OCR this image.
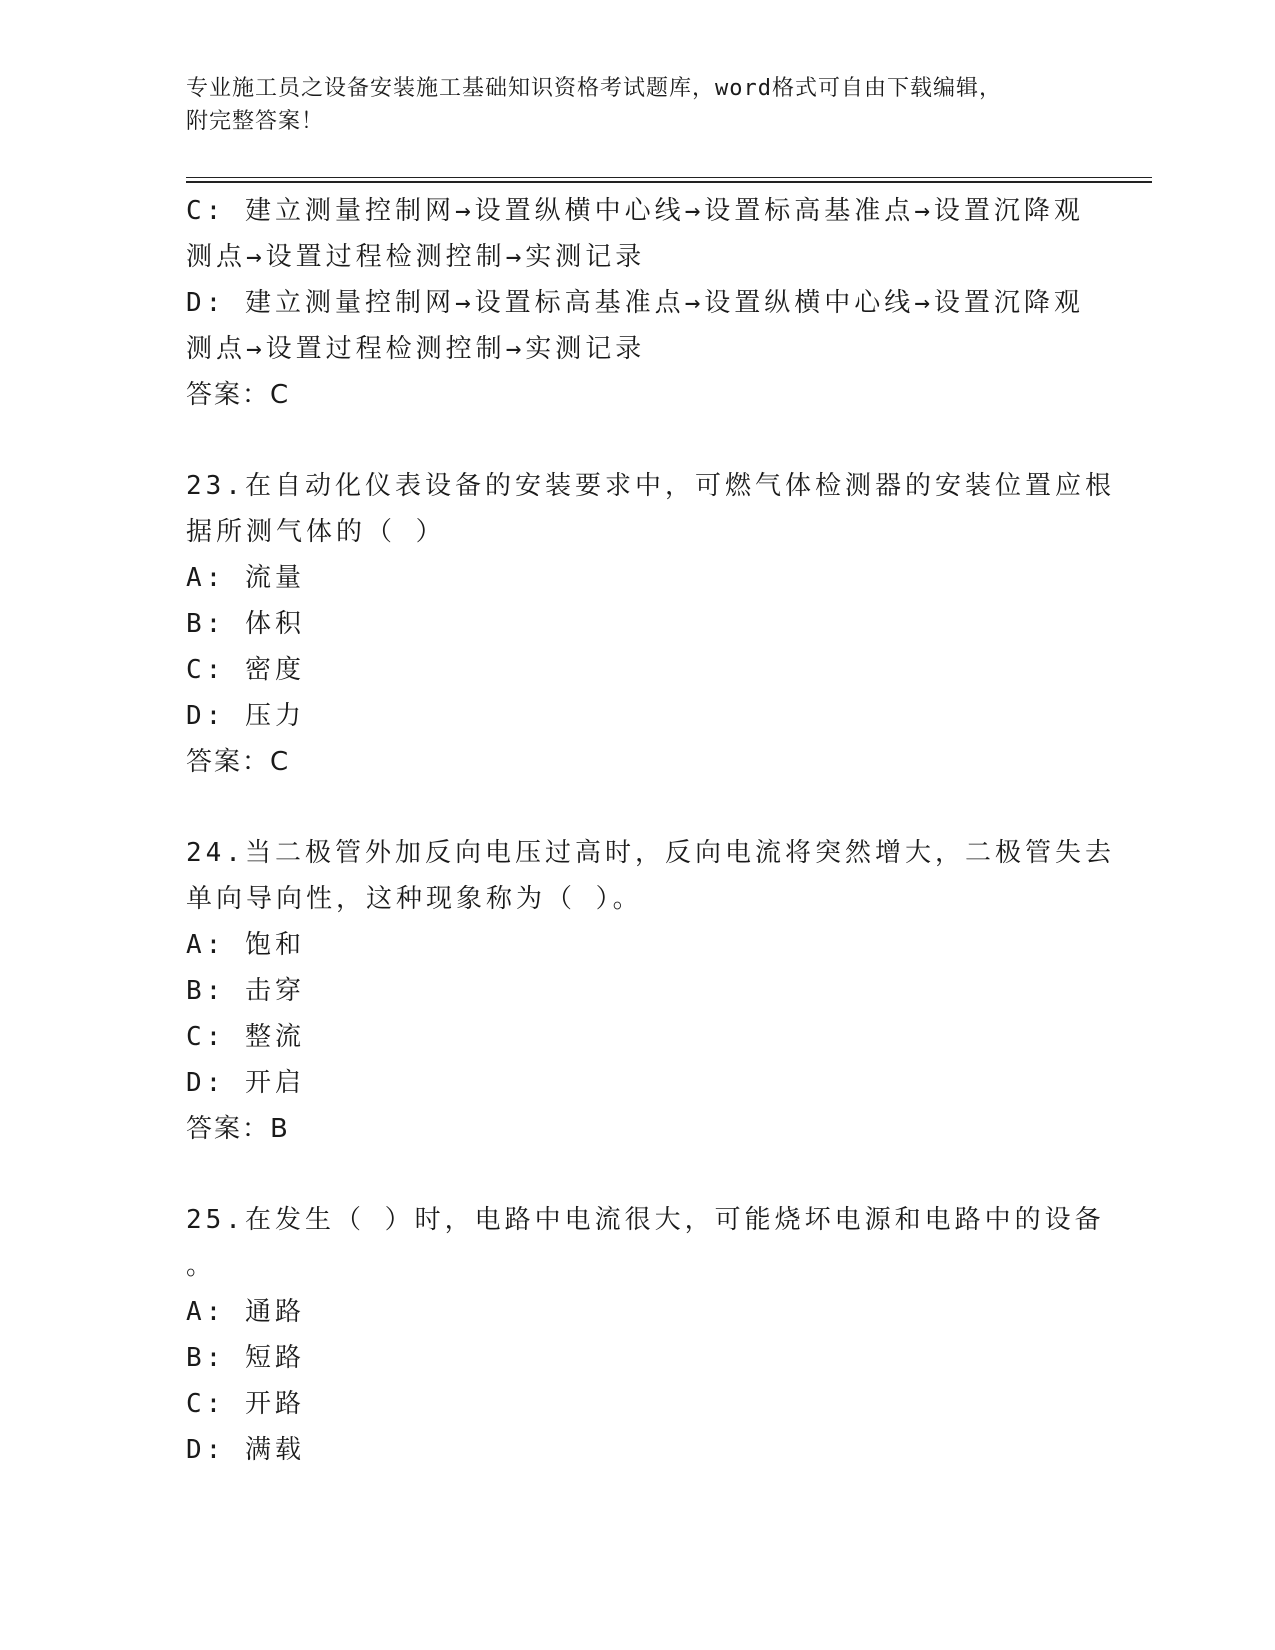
专业施工员之设备安装施工基础知识资格考试题库，word格式可自由下载编辑，
附完整答案！
C: 建立测量控制网→设置纵横中心线→设置标高基准点→设置沉降观
测点→设置过程检测控制→实测记录
D: 建立测量控制网→设置标高基准点→设置纵横中心线→设置沉降观
测点→设置过程检测控制→实测记录
答案：C
23.在自动化仪表设备的安装要求中，可燃气体检测器的安装位置应根
据所测气体的（ ）
A: 流量
B: 体积
C: 密度
D: 压力
答案：C
24.当二极管外加反向电压过高时，反向电流将突然增大，二极管失去
单向导向性，这种现象称为（ ）。
A: 饱和
B: 击穿
C: 整流
D: 开启
答案：B
25.在发生（ ）时，电路中电流很大，可能烧坏电源和电路中的设备
。
A: 通路
B: 短路
C: 开路
D: 满载
